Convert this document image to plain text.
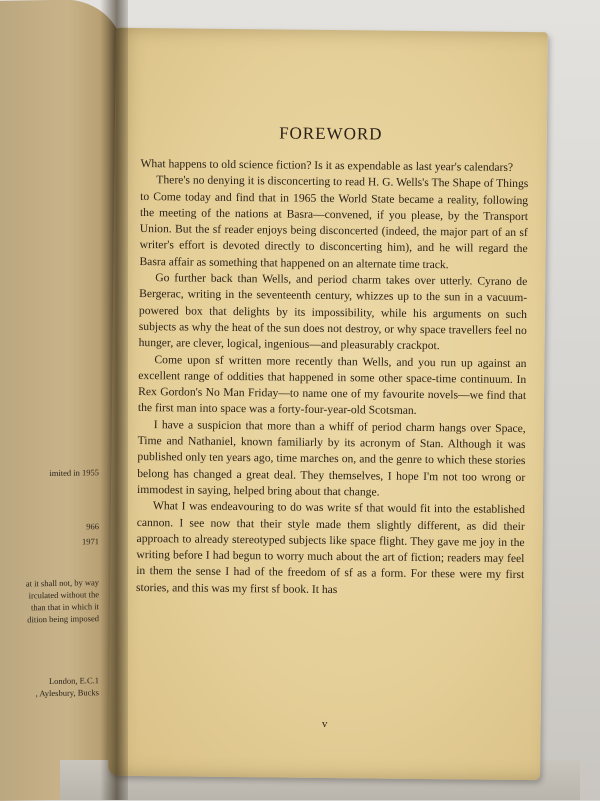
imited in 1955
966
1971
at it shall not, by way
irculated without the
than that in which it
dition being imposed
London, E.C.1
, Aylesbury, Bucks
FOREWORD

What happens to old science fiction? Is it as expendable as last year's calendars?

There's no denying it is disconcerting to read H. G. Wells's The Shape of Things to Come today and find that in 1965 the World State became a reality, following the meeting of the nations at Basra—convened, if you please, by the Transport Union. But the sf reader enjoys being disconcerted (indeed, the major part of an sf writer's effort is devoted directly to disconcerting him), and he will regard the Basra affair as something that happened on an alternate time track.

Go further back than Wells, and period charm takes over utterly. Cyrano de Bergerac, writing in the seventeenth century, whizzes up to the sun in a vacuum-powered box that delights by its impossibility, while his arguments on such subjects as why the heat of the sun does not destroy, or why space travellers feel no hunger, are clever, logical, ingenious—and pleasurably crackpot.

Come upon sf written more recently than Wells, and you run up against an excellent range of oddities that happened in some other space-time continuum. In Rex Gordon's No Man Friday—to name one of my favourite novels—we find that the first man into space was a forty-four-year-old Scotsman.

I have a suspicion that more than a whiff of period charm hangs over Space, Time and Nathaniel, known familiarly by its acronym of Stan. Although it was published only ten years ago, time marches on, and the genre to which these stories belong has changed a great deal. They themselves, I hope I'm not too wrong or immodest in saying, helped bring about that change.

What I was endeavouring to do was write sf that would fit into the established cannon. I see now that their style made them slightly different, as did their approach to already stereotyped subjects like space flight. They gave me joy in the writing before I had begun to worry much about the art of fiction; readers may feel in them the sense I had of the freedom of sf as a form. For these were my first stories, and this was my first sf book. It has

v
